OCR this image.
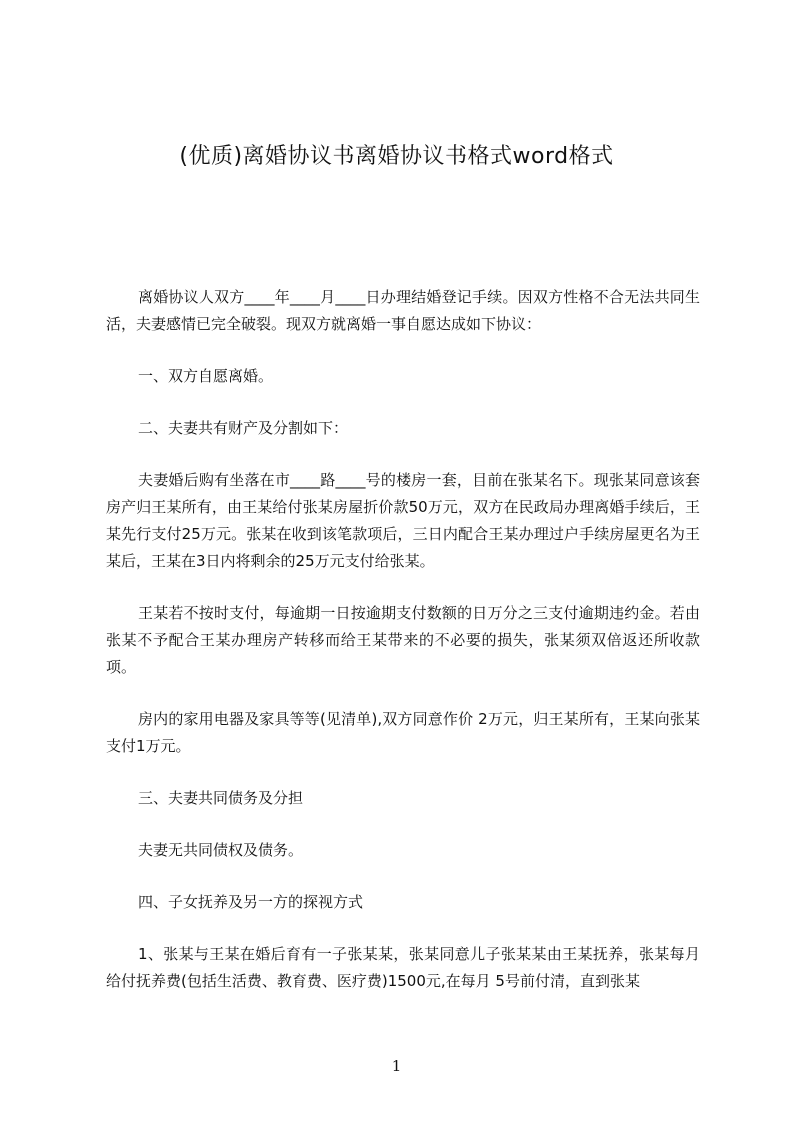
(优质)离婚协议书离婚协议书格式word格式

离婚协议人双方____年____月____日办理结婚登记手续。因双方性格不合无法共同生活，夫妻感情已完全破裂。现双方就离婚一事自愿达成如下协议：

一、双方自愿离婚。

二、夫妻共有财产及分割如下：

夫妻婚后购有坐落在市____路____号的楼房一套，目前在张某名下。现张某同意该套房产归王某所有，由王某给付张某房屋折价款50万元，双方在民政局办理离婚手续后，王某先行支付25万元。张某在收到该笔款项后，三日内配合王某办理过户手续房屋更名为王某后，王某在3日内将剩余的25万元支付给张某。

王某若不按时支付，每逾期一日按逾期支付数额的日万分之三支付逾期违约金。若由张某不予配合王某办理房产转移而给王某带来的不必要的损失，张某须双倍返还所收款项。

房内的家用电器及家具等等(见清单),双方同意作价 2万元，归王某所有，王某向张某支付1万元。

三、夫妻共同债务及分担

夫妻无共同债权及债务。

四、子女抚养及另一方的探视方式

1、张某与王某在婚后育有一子张某某，张某同意儿子张某某由王某抚养，张某每月给付抚养费(包括生活费、教育费、医疗费)1500元,在每月 5号前付清，直到张某

1
